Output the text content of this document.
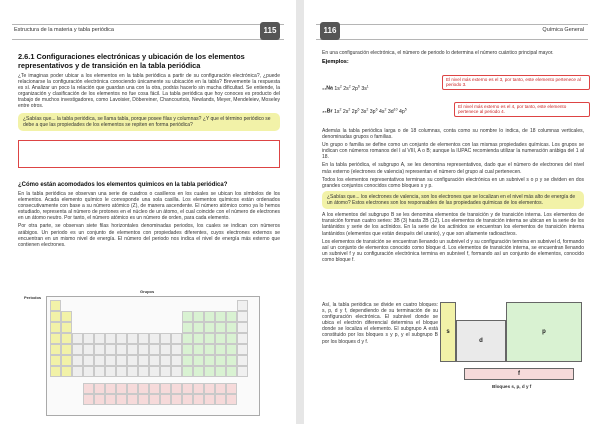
Estructura de la materia y tabla periódica	115
2.6.1 Configuraciones electrónicas y ubicación de los elementos representativos y de transición en la tabla periódica

¿Te imaginas poder ubicar a los elementos en la tabla periódica a partir de su configuración electrónica?, ¿puede relacionarse la configuración electrónica conociendo únicamente su ubicación en la tabla? Brevemente la respuesta es sí. Analizar un poco la relación que guardan una con la otra, podrás hacerlo sin mucha dificultad. Se entiende, la organización y clasificación de los elementos no fue cosa fácil. La tabla periódica que hoy conoces es producto del trabajo de muchos investigadores, como Lavoisier, Döbereiner, Chancourtois, Newlands, Meyer, Mendeleiev, Moseley entre otros.

¿Sabías que... la tabla periódica, se llama tabla, porque posee filas y columnas? ¿Y que el término periódico se debe a que las propiedades de los elementos se repiten en forma periódica?
¿Cómo están acomodados los elementos químicos en la tabla periódica?

En la tabla periódica se observan una serie de cuadros o casilleros en los cuales se ubican los símbolos de los elementos. Acada elemento químico le corresponde una sola casilla. Los elementos químicos están ordenados consecutivamente con base a su número atómico (Z), de manera ascendente. El número atómico como ya lo hemos estudiado, representa al número de protones en el núcleo de un átomo, el cual coincide con el número de electrones en un átomo neutro. Por tanto, el número atómico es un número de orden, para cada elemento.

Por otra parte, se observan siete filas horizontales denominadas periodos, los cuales se indican con números arábigos. Un periodo es un conjunto de elementos con propiedades diferentes, cuyos electrones externos se encuentran en un mismo nivel de energía. El número del periodo nos indica el nivel de energía más externo que contienen electrones.

Periodos
Grupos
116	Química General

En una configuración electrónica, el número de periodo lo determina el número cuántico principal mayor.

Ejemplos:
₁₁Na $1s^2$ $2s^2$ $2p^6$ $3s^1$
El nivel más externo es el 3, por tanto, este elemento pertenece al periodo 3.
₃₅Br $1s^2$ $2s^2$ $2p^6$ $3s^2$ $3p^6$ $4s^2$ $3d^{10}$ $4p^5$	El nivel más externo es el 4, por tanto, este elemento pertenece al periodo 4.

Además la tabla periódica larga o de 18 columnas, conta como su nombre lo indica, de 18 columnas verticales, denominadas grupos o familias.

Un grupo o familia se define como un conjunto de elementos con las mismas propiedades químicas. Los grupos se indican con números romanos del I al VIII, A o B; aunque la IUPAC recomienda utilizar la numeración arábiga del 1 al 18.

En la tabla periódica, el subgrupo A, se les denomina representativos, dado que el número de electrones del nivel más externo (electrones de valencia) representan el número del grupo al cual pertenecen.

Todos los elementos representativos terminan su configuración electrónica en un subnivel s o p y se dividen en dos grandes conjuntos conocidos como bloques s y p.

¿Sabías que... los electrones de valencia, son los electrones que se localizan en el nivel más alto de energía de un átomo? Estos electrones son los responsables de las propiedades químicas de los elementos.

A los elementos del subgrupo B se les denomina elementos de transición y de transición interna. Los elementos de transición forman cuatro series: 3B (3) hasta 2B (12). Los elementos de transición interna se ubican en la serie de los lantánidos y serie de los actínidos. En la serie de los actínidos se encuentran los elementos de transición interna lantánidos (elementos que están después del uranio), y que son altamente radioactivos.

Los elementos de transición se encuentran llenando un subnivel d y su configuración termina en subnivel d, formando así un conjunto de elementos conocido como bloque d. Los elementos de transición interna, se encuentran llenando un subnivel f y su configuración electrónica termina en subnivel f, formando así un conjunto de elementos, conocido como bloque f.

Así, la tabla periódica se divide en cuatro bloques: s, p, d y f, dependiendo de su terminación de su configuración electrónica. El subnivel donde se ubica el electrón diferencial determina el bloque donde se localiza el elemento. El subgrupo A está constituido por los bloques s y p, y el subgrupo B por los bloques d y f.

s
d
p
f
Bloques s, p, d y f
